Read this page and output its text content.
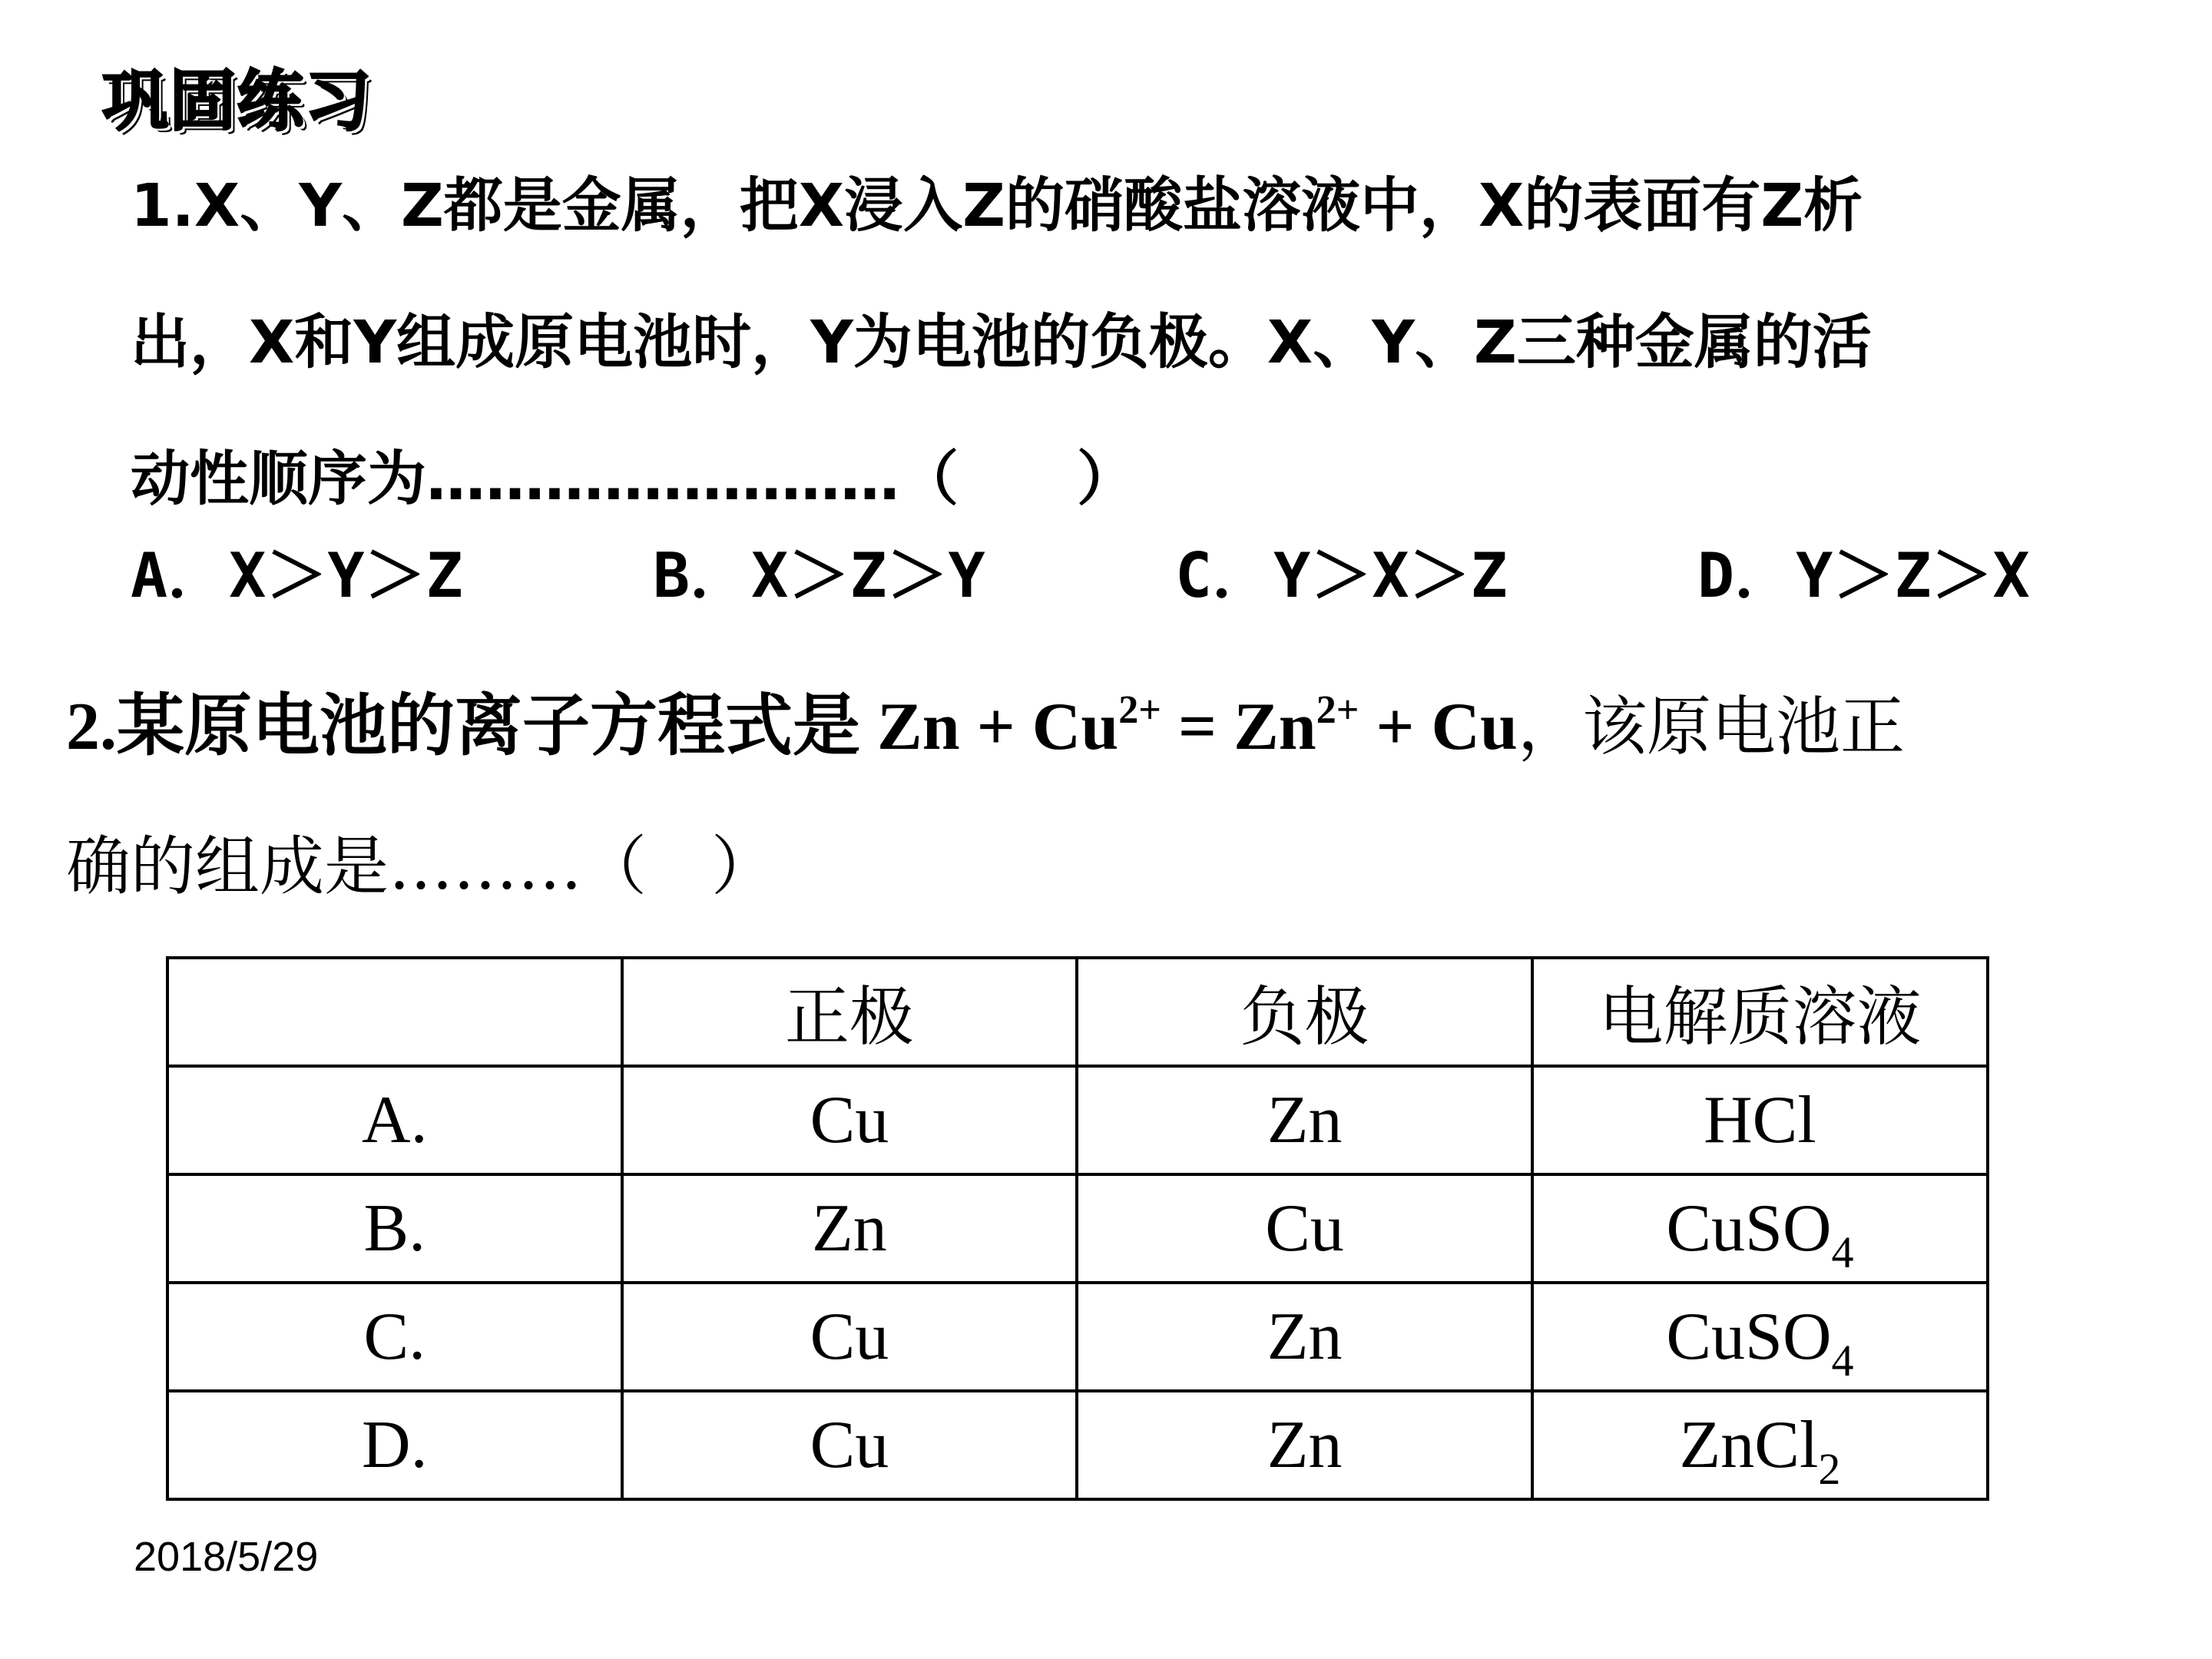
巩固练习
1.X、Y、Z都是金属，把X浸入Z的硝酸盐溶液中，X的表面有Z析
出，X和Y组成原电池时，Y为电池的负极。X、Y、Z三种金属的活
动性顺序为……………………（　　）
A．X＞Y＞Z	B．X＞Z＞Y	C．Y＞X＞Z	D．Y＞Z＞X
2.某原电池的离子方程式是 $Zn + Cu^{2+} = Zn^{2+} + Cu$，该原电池正
确的组成是………（　）
	正极	负极	电解质溶液
A.	Cu	Zn	HCl
B.	Zn	Cu	CuSO$_4$
C.	Cu	Zn	CuSO$_4$
D.	Cu	Zn	ZnCl$_2$
2018/5/29
